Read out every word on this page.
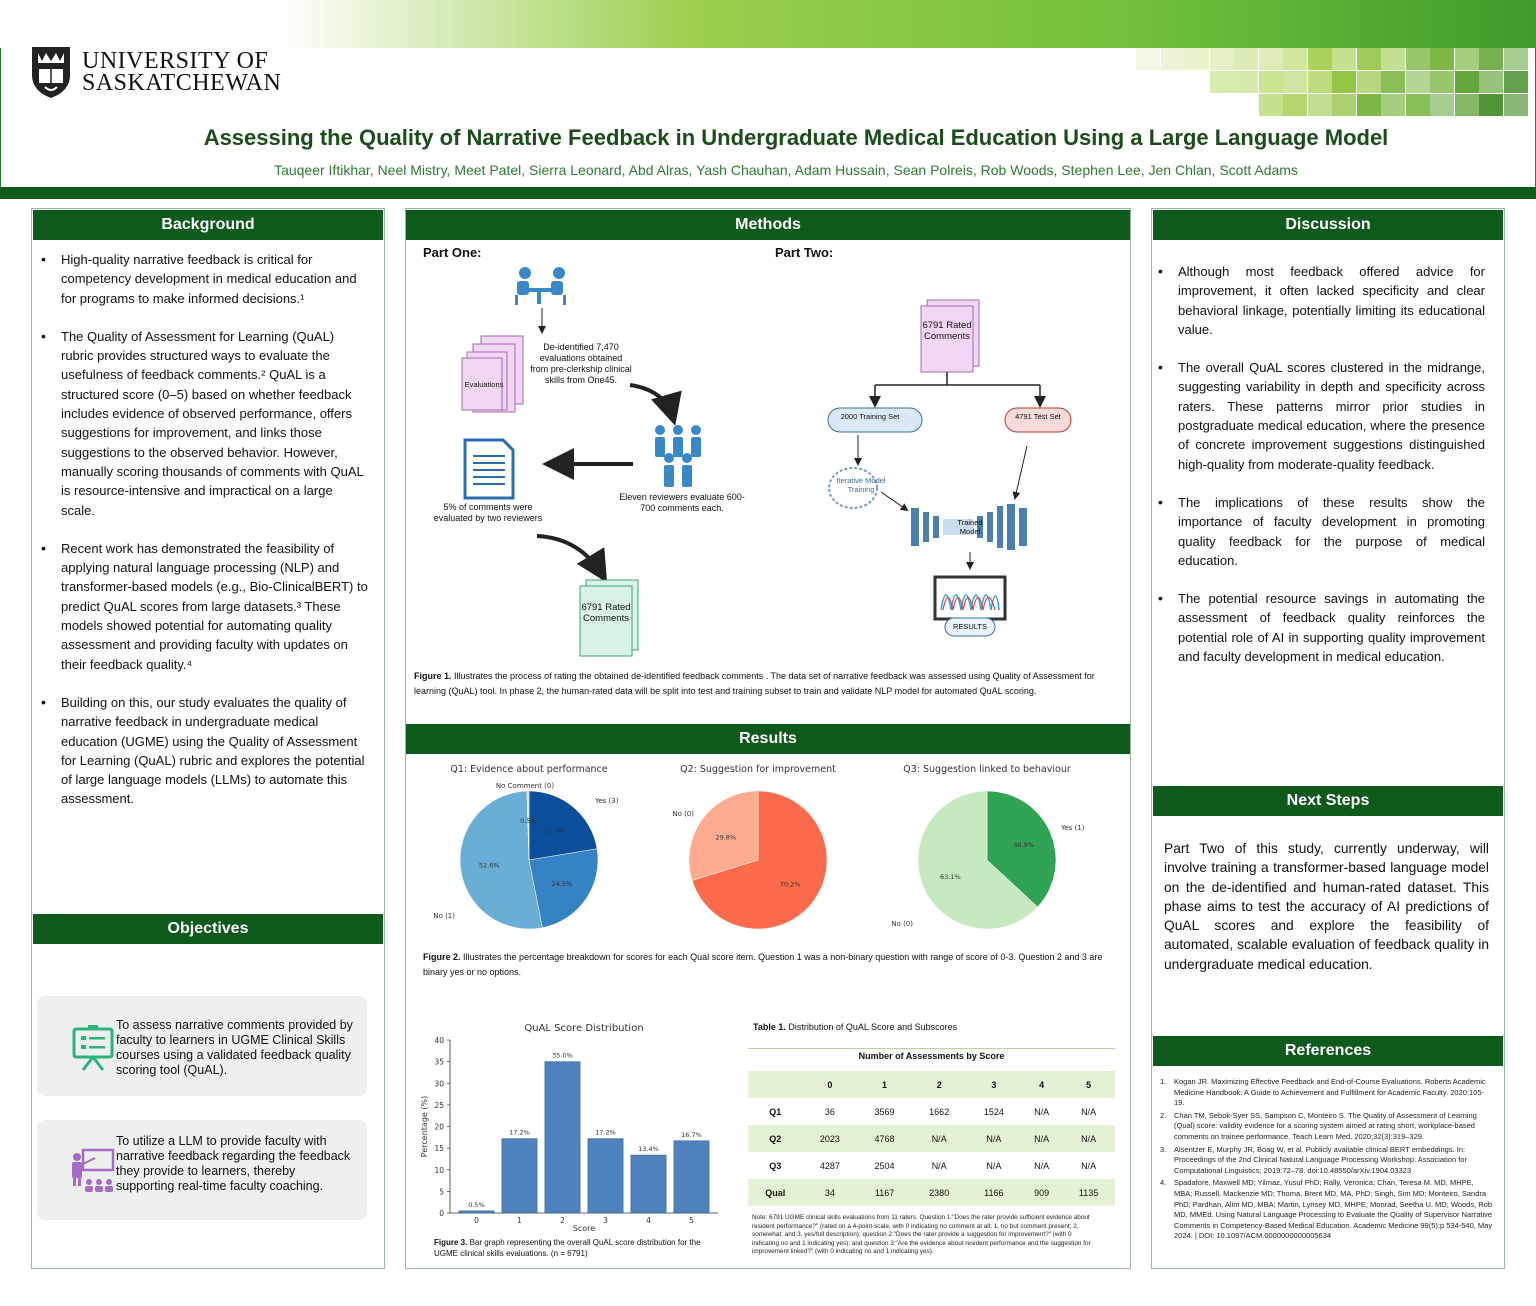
UNIVERSITY OF
SASKATCHEWAN
Assessing the Quality of Narrative Feedback in Undergraduate Medical Education Using a Large Language Model
Tauqeer Iftikhar, Neel Mistry, Meet Patel, Sierra Leonard, Abd Alras, Yash Chauhan, Adam Hussain, Sean Polreis, Rob Woods, Stephen Lee, Jen Chlan, Scott Adams
Background
• High-quality narrative feedback is critical for competency development in medical education and for programs to make informed decisions.¹
• The Quality of Assessment for Learning (QuAL) rubric provides structured ways to evaluate the usefulness of feedback comments.² QuAL is a structured score (0–5) based on whether feedback includes evidence of observed performance, offers suggestions for improvement, and links those suggestions to the observed behavior. However, manually scoring thousands of comments with QuAL is resource-intensive and impractical on a large scale.
• Recent work has demonstrated the feasibility of applying natural language processing (NLP) and transformer-based models (e.g., Bio-ClinicalBERT) to predict QuAL scores from large datasets.³ These models showed potential for automating quality assessment and providing faculty with updates on their feedback quality.⁴
• Building on this, our study evaluates the quality of narrative feedback in undergraduate medical education (UGME) using the Quality of Assessment for Learning (QuAL) rubric and explores the potential of large language models (LLMs) to automate this assessment.
Objectives
To assess narrative comments provided by faculty to learners in UGME Clinical Skills courses using a validated feedback quality scoring tool (QuAL).
To utilize a LLM to provide faculty with narrative feedback regarding the feedback they provide to learners, thereby supporting real-time faculty coaching.
Methods
Part One:	Part Two:
Evaluations
De-identified 7,470 evaluations obtained from pre-clerkship clinical skills from One45.
Eleven reviewers evaluate 600-700 comments each.
5% of comments were evaluated by two reviewers
6791 Rated Comments
6791 Rated Comments
2000 Training Set	4791 Test Set
Iterative Model Training
Trained Model
RESULTS
Figure 1. Illustrates the process of rating the obtained de-identified feedback comments . The data set of narrative feedback was assessed using Quality of Assessment for learning (QuAL) tool. In phase 2, the human-rated data will be split into test and training subset to train and validate NLP model for automated QuAL scoring.
Results
Q1: Evidence about performance
22.4%
Yes (3)
24.5%
52.6%
No (1)
0.5%
No Comment (0)
Q2: Suggestion for improvement
70.2%
29.8%
No (0)
Q3: Suggestion linked to behaviour
36.9%
Yes (1)
63.1%
No (0)
Figure 2. Illustrates the percentage breakdown for scores for each Qual score item. Question 1 was a non-binary question with range of score of 0-3. Question 2 and 3 are binary yes or no options.
QuAL Score Distribution
0
5
10
15
20
25
30
35
40
0.5%
0
17.2%
1
35.0%
2
17.2%
3
13.4%
4
16.7%
5
Score
Percentage (%)
Figure 3. Bar graph representing the overall QuAL score distribution for the UGME clinical skills evaluations. (n = 6791)
Table 1. Distribution of QuAL Score and Subscores
Number of Assessments by Score
	0	1	2	3	4	5
Q1	36	3569	1662	1524	N/A	N/A
Q2	2023	4768	N/A	N/A	N/A	N/A
Q3	4287	2504	N/A	N/A	N/A	N/A
Qual	34	1167	2380	1166	909	1135
Note: 6791 UGME clinical skills evaluations from 11 raters. Question 1:"Does the rater provide sufficient evidence about resident performance?" (rated on a 4-point scale, with 0 indicating no comment at all; 1, no but comment present; 2, somewhat; and 3, yes/full description); question 2:"Does the rater provide a suggestion for improvement?" (with 0 indicating no and 1 indicating yes); and question 3:"Are the evidence about resident performance and the suggestion for improvement linked?" (with 0 indicating no and 1 indicating yes).
Discussion
• Although most feedback offered advice for improvement, it often lacked specificity and clear behavioral linkage, potentially limiting its educational value.
• The overall QuAL scores clustered in the midrange, suggesting variability in depth and specificity across raters. These patterns mirror prior studies in postgraduate medical education, where the presence of concrete improvement suggestions distinguished high-quality from moderate-quality feedback.
• The implications of these results show the importance of faculty development in promoting quality feedback for the purpose of medical education.
• The potential resource savings in automating the assessment of feedback quality reinforces the potential role of AI in supporting quality improvement and faculty development in medical education.
Next Steps
Part Two of this study, currently underway, will involve training a transformer-based language model on the de-identified and human-rated dataset. This phase aims to test the accuracy of AI predictions of QuAL scores and explore the feasibility of automated, scalable evaluation of feedback quality in undergraduate medical education.
References
1. Kogan JR. Maximizing Effective Feedback and End-of-Course Evaluations. Roberts Academic Medicine Handbook: A Guide to Achievement and Fulfillment for Academic Faculty. 2020:105-19.
2. Chan TM, Sebok-Syer SS, Sampson C, Monteiro S. The Quality of Assessment of Learning (Qual) score: validity evidence for a scoring system aimed at rating short, workplace-based comments on trainee performance. Teach Learn Med. 2020;32(3):319–329.
3. Alsentzer E, Murphy JR, Boag W, et al. Publicly available clinical BERT embeddings. In: Proceedings of the 2nd Clinical Natural Language Processing Workshop. Association for Computational Linguistics; 2019:72–78. doi:10.48550/arXiv.1904.03323
4. Spadafore, Maxwell MD; Yilmaz, Yusuf PhD; Rally, Veronica; Chan, Teresa M. MD, MHPE, MBA; Russell, Mackenzie MD; Thoma, Brent MD, MA, PhD; Singh, Sim MD; Monteiro, Sandra PhD; Pardhan, Alim MD, MBA; Martin, Lynsey MD, MHPE; Monrad, Seetha U. MD; Woods, Rob MD, MMEd. Using Natural Language Processing to Evaluate the Quality of Supervisor Narrative Comments in Competency-Based Medical Education. Academic Medicine 99(5):p 534-540, May 2024. | DOI: 10.1097/ACM.0000000000005634
